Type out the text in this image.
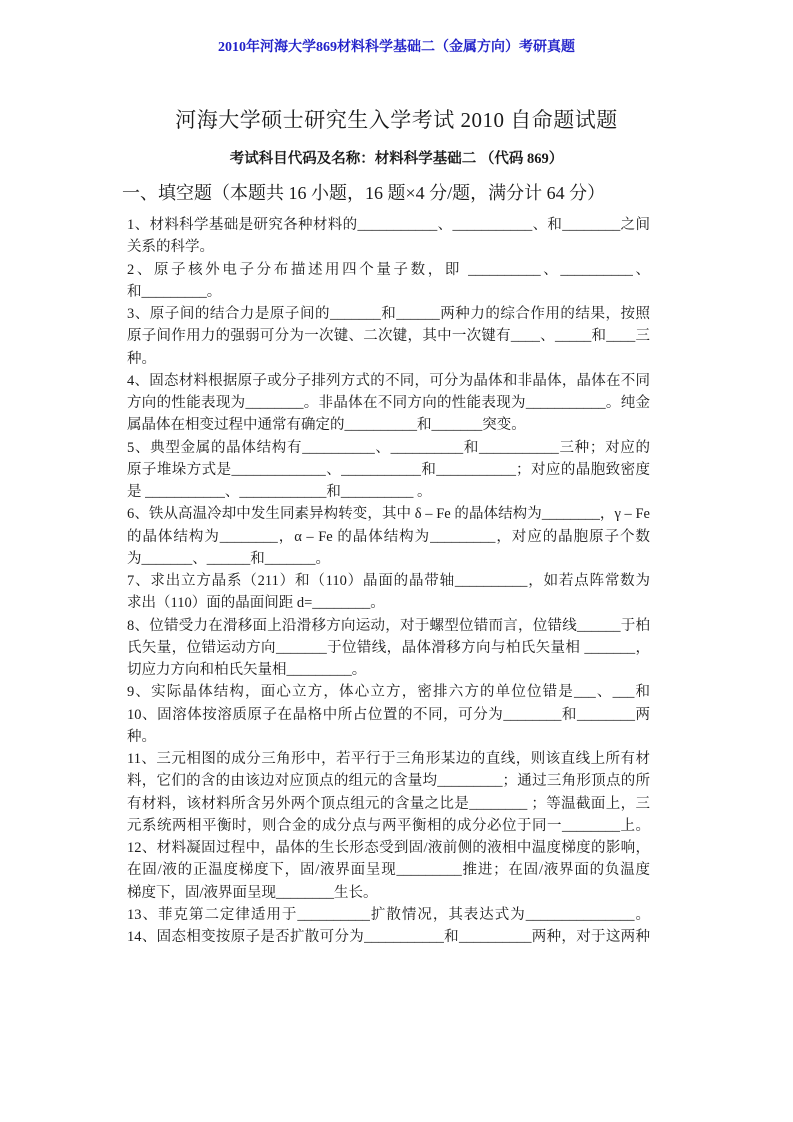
2010年河海大学869材料科学基础二（金属方向）考研真题
河海大学硕士研究生入学考试 2010 自命题试题
考试科目代码及名称：材料科学基础二 （代码 869）
一、填空题（本题共 16 小题，16 题×4 分/题，满分计 64 分）
1、材料科学基础是研究各种材料的___________、___________、和________之间
关系的科学。
2、原子核外电子分布描述用四个量子数，即 __________、__________、
和_________。
3、原子间的结合力是原子间的_______和______两种力的综合作用的结果，按照
原子间作用力的强弱可分为一次键、二次键，其中一次键有____、_____和____三
种。
4、固态材料根据原子或分子排列方式的不同，可分为晶体和非晶体，晶体在不同
方向的性能表现为________。非晶体在不同方向的性能表现为___________。纯金
属晶体在相变过程中通常有确定的__________和_______突变。
5、典型金属的晶体结构有__________、__________和___________三种；对应的
原子堆垛方式是_____________、___________和___________；对应的晶胞致密度
是 ___________、____________和__________ 。
6、铁从高温冷却中发生同素异构转变，其中 δ – Fe 的晶体结构为________，γ – Fe
的晶体结构为________，α – Fe 的晶体结构为_________，对应的晶胞原子个数
为_______、______和_______。
7、求出立方晶系（211）和（110）晶面的晶带轴__________，如若点阵常数为
求出（110）面的晶面间距 d=________。
8、位错受力在滑移面上沿滑移方向运动，对于螺型位错而言，位错线______于柏
氏矢量，位错运动方向_______于位错线，晶体滑移方向与柏氏矢量相 _______，
切应力方向和柏氏矢量相_________。
9、实际晶体结构，面心立方，体心立方，密排六方的单位位错是___、___和
10、固溶体按溶质原子在晶格中所占位置的不同，可分为________和________两
种。
11、三元相图的成分三角形中，若平行于三角形某边的直线，则该直线上所有材
料，它们的含的由该边对应顶点的组元的含量均_________；通过三角形顶点的所
有材料，该材料所含另外两个顶点组元的含量之比是________ ；等温截面上，三
元系统两相平衡时，则合金的成分点与两平衡相的成分必位于同一________上。
12、材料凝固过程中，晶体的生长形态受到固/液前侧的液相中温度梯度的影响，
在固/液的正温度梯度下，固/液界面呈现_________推进；在固/液界面的负温度
梯度下，固/液界面呈现________生长。
13、菲克第二定律适用于__________扩散情况，其表达式为_______________。
14、固态相变按原子是否扩散可分为___________和__________两种，对于这两种
